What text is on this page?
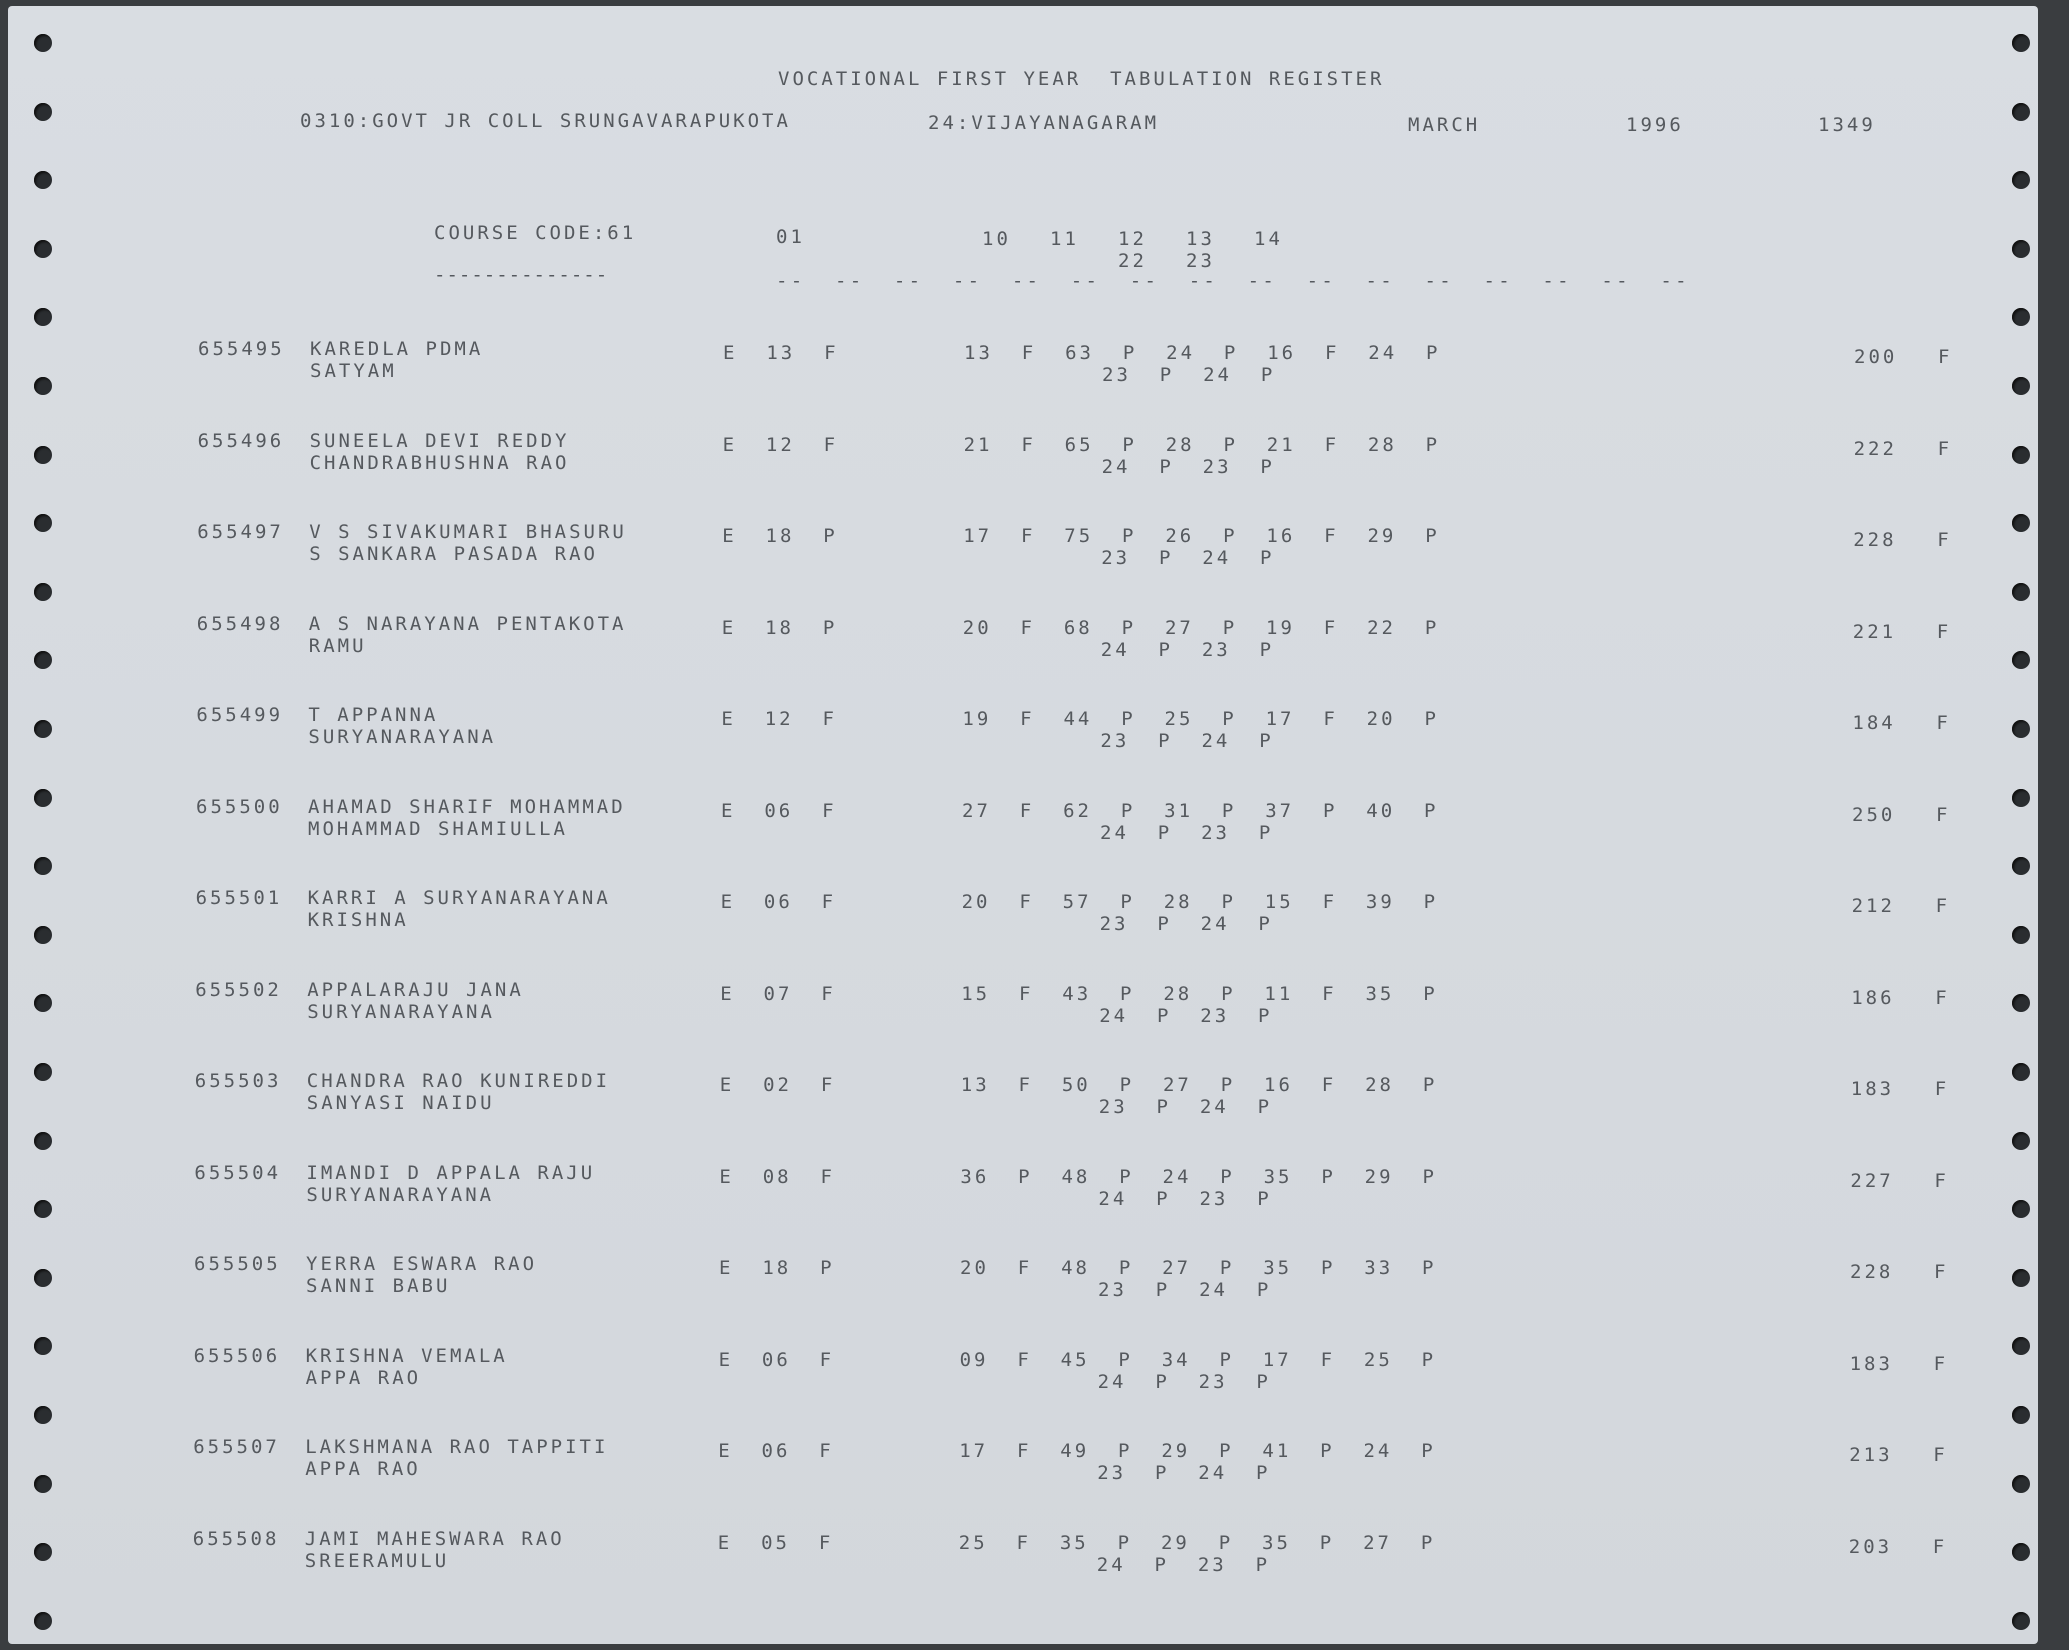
VOCATIONAL FIRST YEAR  TABULATION REGISTER
0310:GOVT JR COLL SRUNGAVARAPUKOTA	24:VIJAYANAGARAM	MARCH	1996	1349
COURSE CODE:61
--------------
01	10 11 12 13 14
22 23
--  --  --  --  --  --  --  --  --  --  --  --  --  --  --  --
655495 KAREDLA PDMA
SATYAM
E  13  F	13  F  63  P  24  P  16  F  24  P
23  P  24  P
200 F
655496 SUNEELA DEVI REDDY
CHANDRABHUSHNA RAO
E  12  F	21  F  65  P  28  P  21  F  28  P
24  P  23  P
222 F
655497 V S SIVAKUMARI BHASURU
S SANKARA PASADA RAO
E  18  P	17  F  75  P  26  P  16  F  29  P
23  P  24  P
228 F
655498 A S NARAYANA PENTAKOTA
RAMU
E  18  P	20  F  68  P  27  P  19  F  22  P
24  P  23  P
221 F
655499 T APPANNA
SURYANARAYANA
E  12  F	19  F  44  P  25  P  17  F  20  P
23  P  24  P
184 F
655500 AHAMAD SHARIF MOHAMMAD
MOHAMMAD SHAMIULLA
E  06  F	27  F  62  P  31  P  37  P  40  P
24  P  23  P
250 F
655501 KARRI A SURYANARAYANA
KRISHNA
E  06  F	20  F  57  P  28  P  15  F  39  P
23  P  24  P
212 F
655502 APPALARAJU JANA
SURYANARAYANA
E  07  F	15  F  43  P  28  P  11  F  35  P
24  P  23  P
186 F
655503 CHANDRA RAO KUNIREDDI
SANYASI NAIDU
E  02  F	13  F  50  P  27  P  16  F  28  P
23  P  24  P
183 F
655504 IMANDI D APPALA RAJU
SURYANARAYANA
E  08  F	36  P  48  P  24  P  35  P  29  P
24  P  23  P
227 F
655505 YERRA ESWARA RAO
SANNI BABU
E  18  P	20  F  48  P  27  P  35  P  33  P
23  P  24  P
228 F
655506 KRISHNA VEMALA
APPA RAO
E  06  F	09  F  45  P  34  P  17  F  25  P
24  P  23  P
183 F
655507 LAKSHMANA RAO TAPPITI
APPA RAO
E  06  F	17  F  49  P  29  P  41  P  24  P
23  P  24  P
213 F
655508 JAMI MAHESWARA RAO
SREERAMULU
E  05  F	25  F  35  P  29  P  35  P  27  P
24  P  23  P
203 F
